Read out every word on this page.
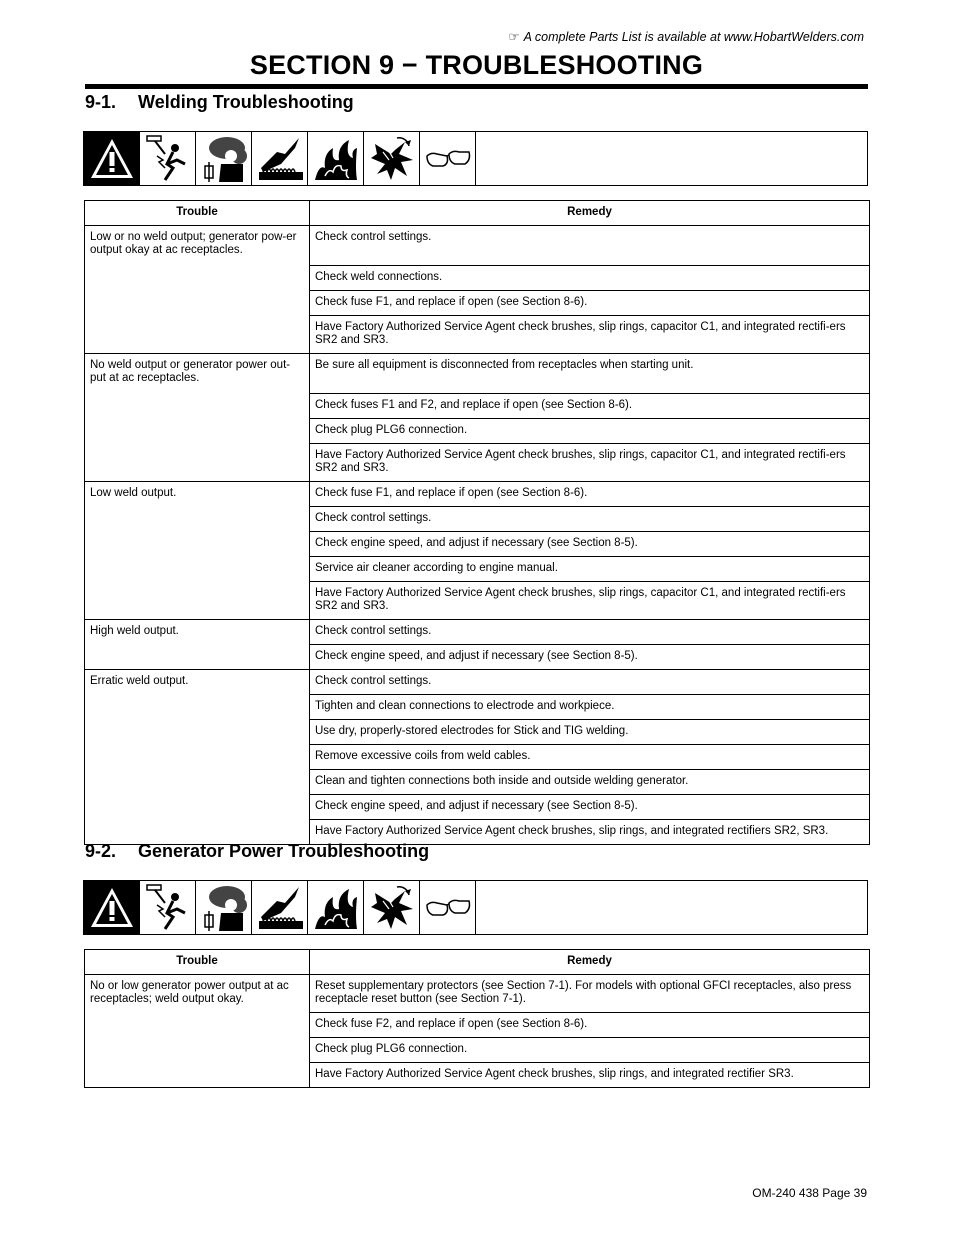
☞ A complete Parts List is available at www.HobartWelders.com
SECTION 9 − TROUBLESHOOTING
9-1. Welding Troubleshooting
Trouble	Remedy
Low or no weld output; generator pow-er output okay at ac receptacles.	Check control settings.
	Check weld connections.
	Check fuse F1, and replace if open (see Section 8-6).
	Have Factory Authorized Service Agent check brushes, slip rings, capacitor C1, and integrated rectifi-ers SR2 and SR3.
No weld output or generator power out-put at ac receptacles.	Be sure all equipment is disconnected from receptacles when starting unit.
	Check fuses F1 and F2, and replace if open (see Section 8-6).
	Check plug PLG6 connection.
	Have Factory Authorized Service Agent check brushes, slip rings, capacitor C1, and integrated rectifi-ers SR2 and SR3.
Low weld output.	Check fuse F1, and replace if open (see Section 8-6).
	Check control settings.
	Check engine speed, and adjust if necessary (see Section 8-5).
	Service air cleaner according to engine manual.
	Have Factory Authorized Service Agent check brushes, slip rings, capacitor C1, and integrated rectifi-ers SR2 and SR3.
High weld output.	Check control settings.
	Check engine speed, and adjust if necessary (see Section 8-5).
Erratic weld output.	Check control settings.
	Tighten and clean connections to electrode and workpiece.
	Use dry, properly-stored electrodes for Stick and TIG welding.
	Remove excessive coils from weld cables.
	Clean and tighten connections both inside and outside welding generator.
	Check engine speed, and adjust if necessary (see Section 8-5).
	Have Factory Authorized Service Agent check brushes, slip rings, and integrated rectifiers SR2, SR3.
9-2. Generator Power Troubleshooting
Trouble	Remedy
No or low generator power output at ac receptacles; weld output okay.	Reset supplementary protectors (see Section 7-1). For models with optional GFCI receptacles, also press receptacle reset button (see Section 7-1).
	Check fuse F2, and replace if open (see Section 8-6).
	Check plug PLG6 connection.
	Have Factory Authorized Service Agent check brushes, slip rings, and integrated rectifier SR3.
OM-240 438 Page 39
